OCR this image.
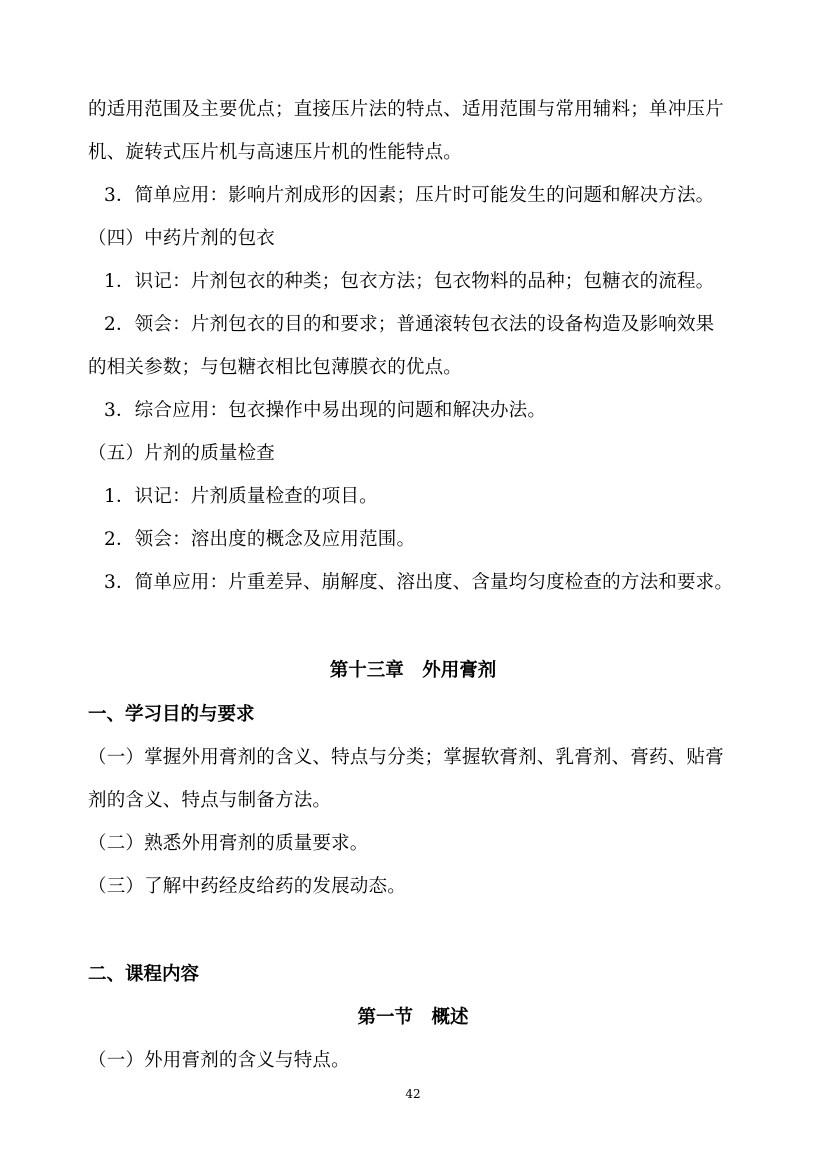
的适用范围及主要优点；直接压片法的特点、适用范围与常用辅料；单冲压片
机、旋转式压片机与高速压片机的性能特点。
3．简单应用：影响片剂成形的因素；压片时可能发生的问题和解决方法。
（四）中药片剂的包衣
1．识记：片剂包衣的种类；包衣方法；包衣物料的品种；包糖衣的流程。
2．领会：片剂包衣的目的和要求；普通滚转包衣法的设备构造及影响效果
的相关参数；与包糖衣相比包薄膜衣的优点。
3．综合应用：包衣操作中易出现的问题和解决办法。
（五）片剂的质量检查
1．识记：片剂质量检查的项目。
2．领会：溶出度的概念及应用范围。
3．简单应用：片重差异、崩解度、溶出度、含量均匀度检查的方法和要求。
第十三章　外用膏剂
一、学习目的与要求
（一）掌握外用膏剂的含义、特点与分类；掌握软膏剂、乳膏剂、膏药、贴膏
剂的含义、特点与制备方法。
（二）熟悉外用膏剂的质量要求。
（三）了解中药经皮给药的发展动态。
二、课程内容
第一节　概述
（一）外用膏剂的含义与特点。
42
